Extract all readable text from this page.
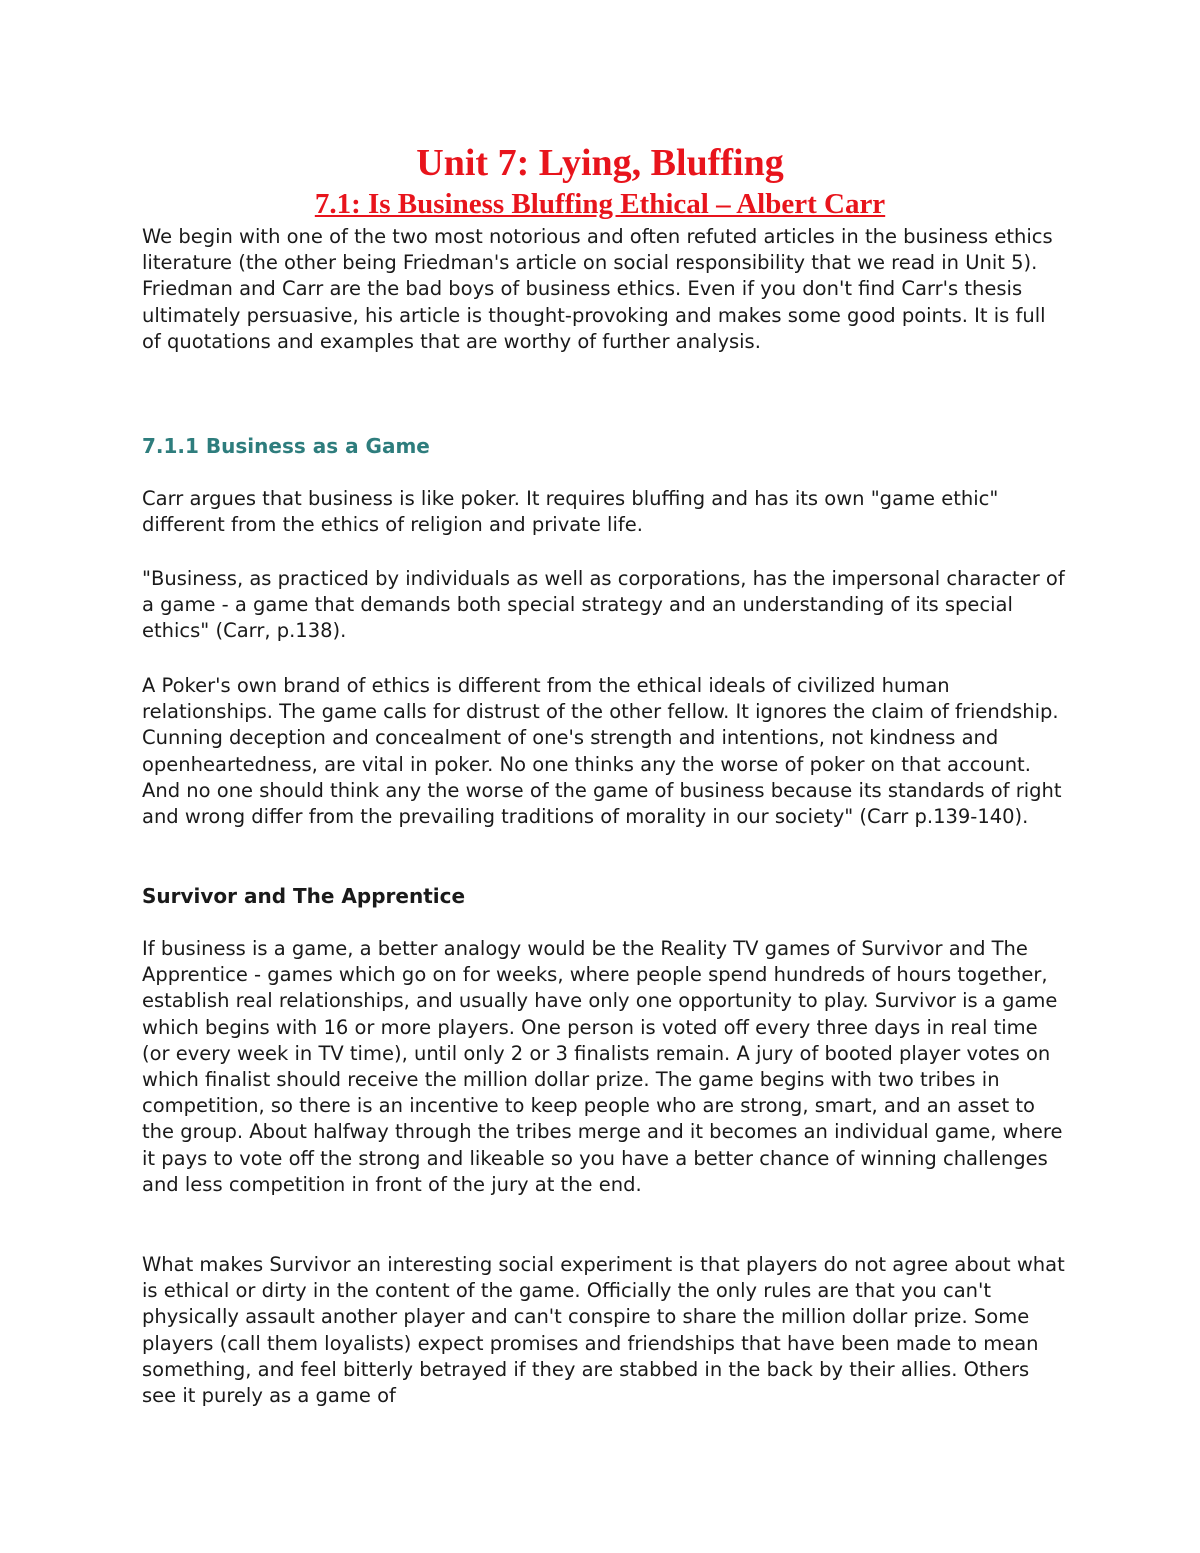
Unit 7: Lying, Bluffing
7.1: Is Business Bluffing Ethical – Albert Carr

We begin with one of the two most notorious and often refuted articles in the business ethics literature (the other being Friedman's article on social responsibility that we read in Unit 5). Friedman and Carr are the bad boys of business ethics. Even if you don't find Carr's thesis ultimately persuasive, his article is thought-provoking and makes some good points. It is full of quotations and examples that are worthy of further analysis.

7.1.1 Business as a Game

Carr argues that business is like poker. It requires bluffing and has its own "game ethic" different from the ethics of religion and private life.

"Business, as practiced by individuals as well as corporations, has the impersonal character of a game - a game that demands both special strategy and an understanding of its special ethics" (Carr, p.138).

A Poker's own brand of ethics is different from the ethical ideals of civilized human relationships. The game calls for distrust of the other fellow. It ignores the claim of friendship. Cunning deception and concealment of one's strength and intentions, not kindness and openheartedness, are vital in poker. No one thinks any the worse of poker on that account. And no one should think any the worse of the game of business because its standards of right and wrong differ from the prevailing traditions of morality in our society" (Carr p.139-140).

Survivor and The Apprentice

If business is a game, a better analogy would be the Reality TV games of Survivor and The Apprentice - games which go on for weeks, where people spend hundreds of hours together, establish real relationships, and usually have only one opportunity to play. Survivor is a game which begins with 16 or more players. One person is voted off every three days in real time (or every week in TV time), until only 2 or 3 finalists remain. A jury of booted player votes on which finalist should receive the million dollar prize. The game begins with two tribes in competition, so there is an incentive to keep people who are strong, smart, and an asset to the group. About halfway through the tribes merge and it becomes an individual game, where it pays to vote off the strong and likeable so you have a better chance of winning challenges and less competition in front of the jury at the end.

What makes Survivor an interesting social experiment is that players do not agree about what is ethical or dirty in the content of the game. Officially the only rules are that you can't physically assault another player and can't conspire to share the million dollar prize. Some players (call them loyalists) expect promises and friendships that have been made to mean something, and feel bitterly betrayed if they are stabbed in the back by their allies. Others see it purely as a game of
